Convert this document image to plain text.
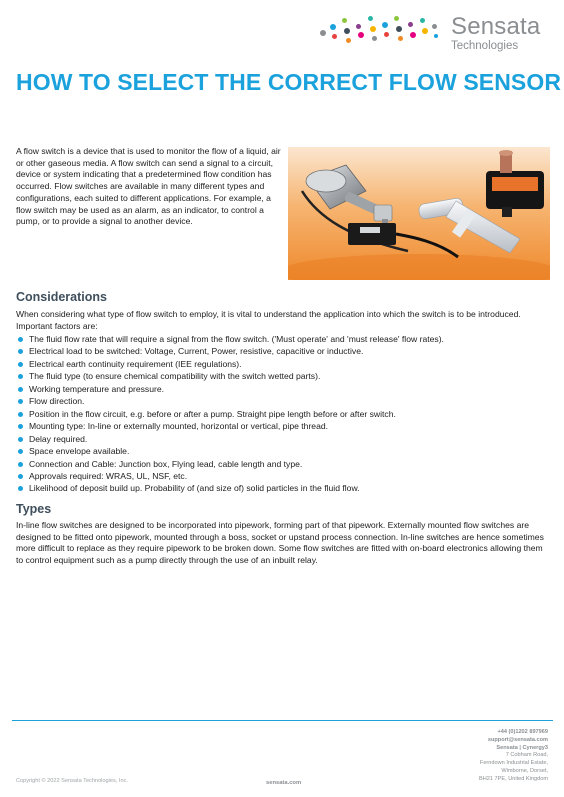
Sensata
Technologies
HOW TO SELECT THE CORRECT FLOW SENSOR

A flow switch is a device that is used to monitor the flow of a liquid, air or other gaseous media. A flow switch can send a signal to a circuit, device or system indicating that a predetermined flow condition has occurred. Flow switches are available in many different types and configurations, each suited to different applications. For example, a flow switch may be used as an alarm, as an indicator, to control a pump, or to provide a signal to another device.

Considerations

When considering what type of flow switch to employ, it is vital to understand the application into which the switch is to be introduced. Important factors are:

The fluid flow rate that will require a signal from the flow switch. ('Must operate' and 'must release' flow rates).
Electrical load to be switched: Voltage, Current, Power, resistive, capacitive or inductive.
Electrical earth continuity requirement (IEE regulations).
The fluid type (to ensure chemical compatibility with the switch wetted parts).
Working temperature and pressure.
Flow direction.
Position in the flow circuit, e.g. before or after a pump. Straight pipe length before or after switch.
Mounting type: In-line or externally mounted, horizontal or vertical, pipe thread.
Delay required.
Space envelope available.
Connection and Cable: Junction box, Flying lead, cable length and type.
Approvals required: WRAS, UL, NSF, etc.
Likelihood of deposit build up. Probability of (and size of) solid particles in the fluid flow.
Types

In-line flow switches are designed to be incorporated into pipework, forming part of that pipework. Externally mounted flow switches are designed to be fitted onto pipework, mounted through a boss, socket or upstand process connection. In-line switches are hence sometimes more difficult to replace as they require pipework to be broken down. Some flow switches are fitted with on-board electronics allowing them to control equipment such as a pump directly through the use of an inbuilt relay.

+44 (0)1202 897969
support@sensata.com
Sensata | Cynergy3
7 Cobham Road,
Ferndown Industrial Estate,
Wimborne, Dorset,
BH21 7PE, United Kingdom
Copyright © 2022 Sensata Technologies, Inc.	sensata.com
